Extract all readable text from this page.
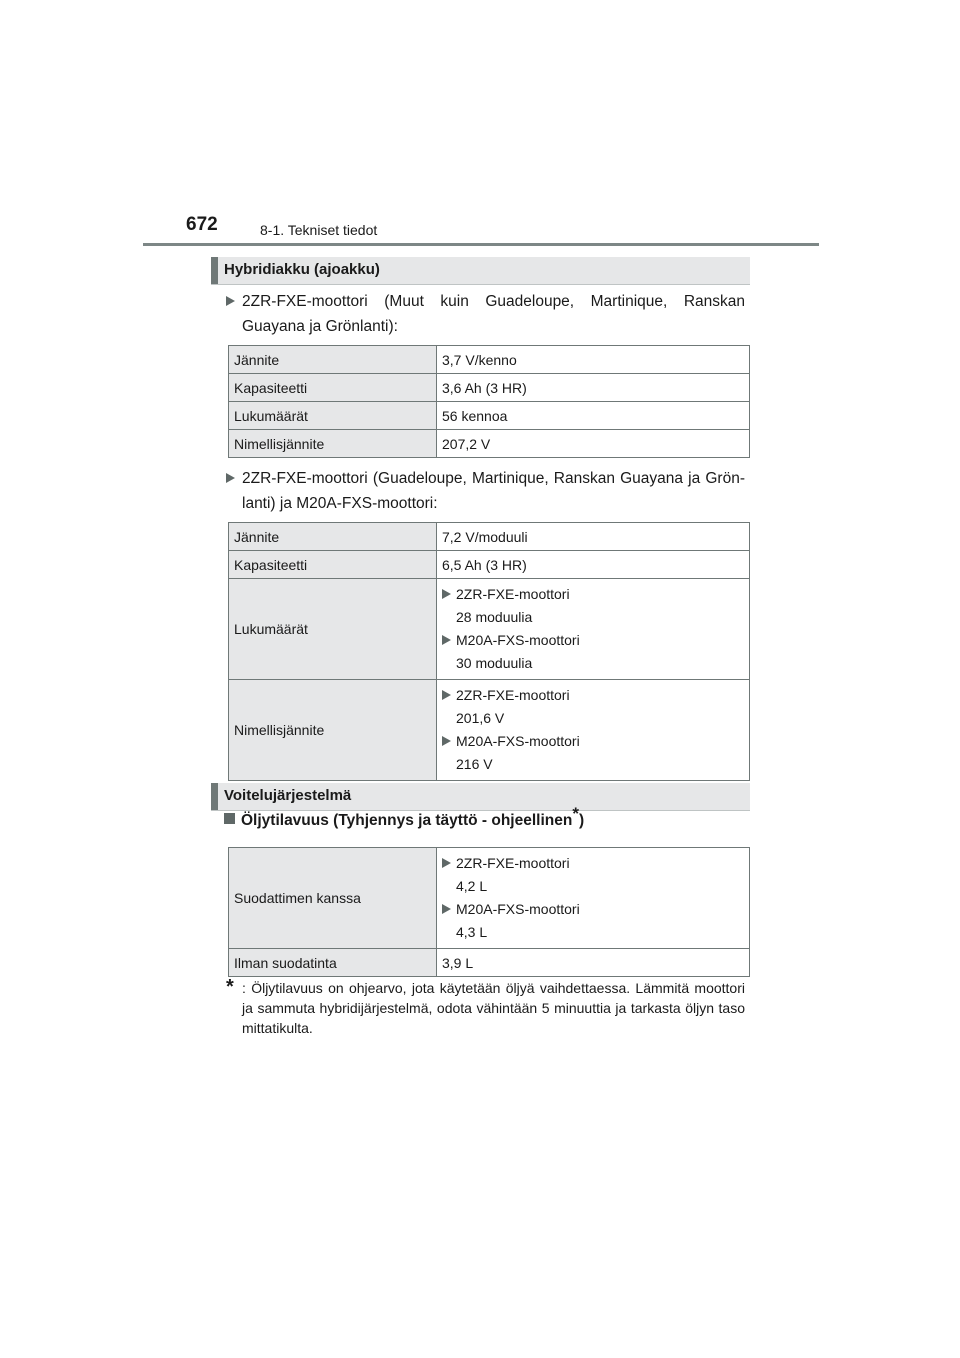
672	8-1. Tekniset tiedot
Hybridiakku (ajoakku)
2ZR-FXE-moottori (Muut kuin Guadeloupe, Martinique, Ranskan Guayana ja Grönlanti):
Jännite	3,7 V/kenno
Kapasiteetti	3,6 Ah (3 HR)
Lukumäärät	56 kennoa
Nimellisjännite	207,2 V
2ZR-FXE-moottori (Guadeloupe, Martinique, Ranskan Guayana ja Grönlanti) ja M20A-FXS-moottori:
Jännite	7,2 V/moduuli
Kapasiteetti	6,5 Ah (3 HR)
Lukumäärät	2ZR-FXE-moottori
28 moduulia
M20A-FXS-moottori
30 moduulia

Nimellisjännite	2ZR-FXE-moottori
201,6 V
M20A-FXS-moottori
216 V
Voitelujärjestelmä
Öljytilavuus (Tyhjennys ja täyttö - ohjeellinen*)
Suodattimen kanssa	2ZR-FXE-moottori
4,2 L
M20A-FXS-moottori
4,3 L

Ilman suodatinta	3,9 L
* : Öljytilavuus on ohjearvo, jota käytetään öljyä vaihdettaessa. Lämmitä moottori ja sammuta hybridijärjestelmä, odota vähintään 5 minuuttia ja tarkasta öljyn taso mittatikulta.
